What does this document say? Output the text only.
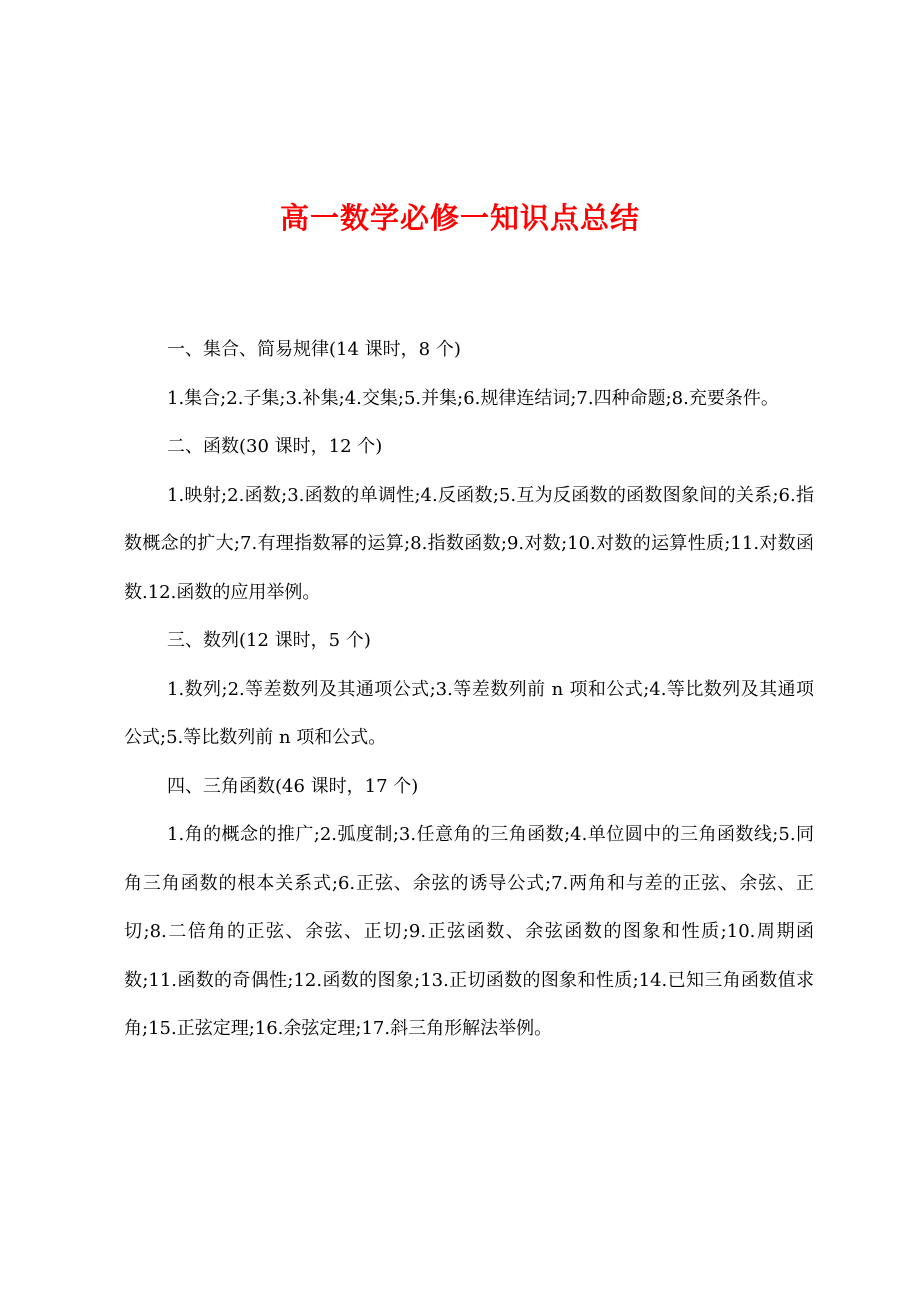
高一数学必修一知识点总结

一、集合、简易规律(14 课时，8 个)

1.集合;2.子集;3.补集;4.交集;5.并集;6.规律连结词;7.四种命题;8.充要条件。

二、函数(30 课时，12 个)

1.映射;2.函数;3.函数的单调性;4.反函数;5.互为反函数的函数图象间的关系;6.指数概念的扩大;7.有理指数幂的运算;8.指数函数;9.对数;10.对数的运算性质;11.对数函数.12.函数的应用举例。

三、数列(12 课时，5 个)

1.数列;2.等差数列及其通项公式;3.等差数列前 n 项和公式;4.等比数列及其通项公式;5.等比数列前 n 项和公式。

四、三角函数(46 课时，17 个)

1.角的概念的推广;2.弧度制;3.任意角的三角函数;4.单位圆中的三角函数线;5.同角三角函数的根本关系式;6.正弦、余弦的诱导公式;7.两角和与差的正弦、余弦、正切;8.二倍角的正弦、余弦、正切;9.正弦函数、余弦函数的图象和性质;10.周期函数;11.函数的奇偶性;12.函数的图象;13.正切函数的图象和性质;14.已知三角函数值求角;15.正弦定理;16.余弦定理;17.斜三角形解法举例。
